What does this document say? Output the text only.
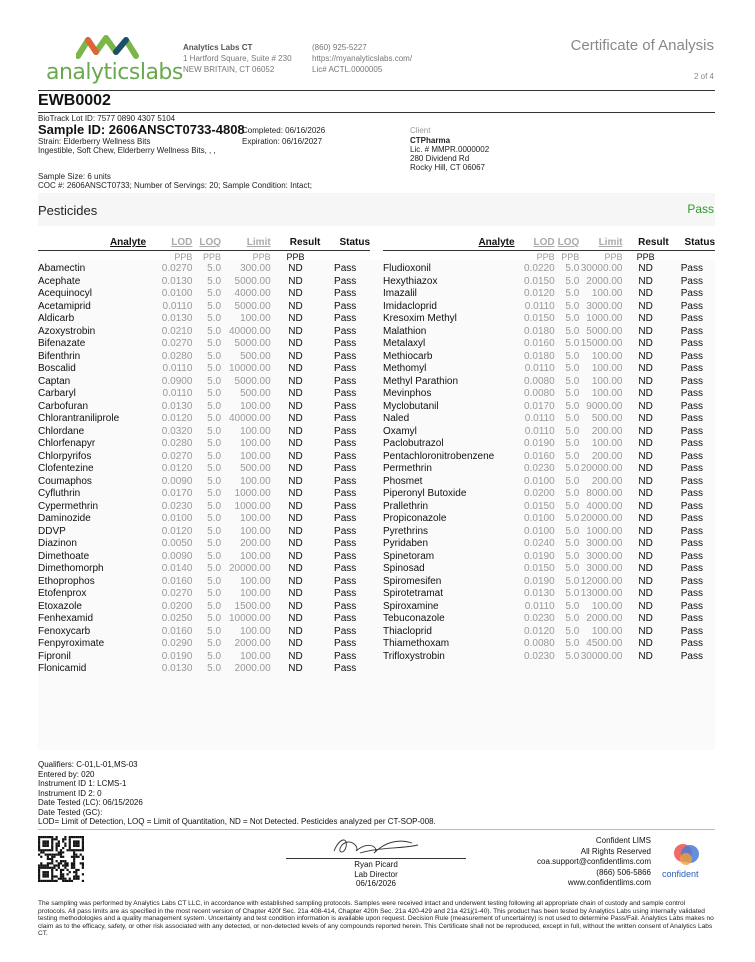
analyticslabs
Analytics Labs CT
1 Hartford Square, Suite # 230
NEW BRITAIN, CT 06052
(860) 925-5227
https://myanalyticslabs.com/
Lic# ACTL.0000005
Certificate of Analysis
2 of 4
EWB0002
BioTrack Lot ID: 7577 0890 4307 5104
Sample ID: 2606ANSCT0733-4808
Strain: Elderberry Wellness Bits
Ingestible, Soft Chew, Elderberry Wellness Bits, , ,
Completed: 06/16/2026
Expiration: 06/16/2027
Client
CTPharma
Lic. # MMPR.0000002
280 Dividend Rd
Rocky Hill, CT 06067
Sample Size: 6 units
COC #: 2606ANSCT0733; Number of Servings: 20; Sample Condition: Intact;
Pesticides	Pass
Analyte	LOD	LOQ	Limit	Result	Status
	PPB	PPB	PPB	PPB	
Abamectin	0.0270	5.0	300.00	ND	Pass
Acephate	0.0130	5.0	5000.00	ND	Pass
Acequinocyl	0.0100	5.0	4000.00	ND	Pass
Acetamiprid	0.0110	5.0	5000.00	ND	Pass
Aldicarb	0.0130	5.0	100.00	ND	Pass
Azoxystrobin	0.0210	5.0	40000.00	ND	Pass
Bifenazate	0.0270	5.0	5000.00	ND	Pass
Bifenthrin	0.0280	5.0	500.00	ND	Pass
Boscalid	0.0110	5.0	10000.00	ND	Pass
Captan	0.0900	5.0	5000.00	ND	Pass
Carbaryl	0.0110	5.0	500.00	ND	Pass
Carbofuran	0.0130	5.0	100.00	ND	Pass
Chlorantraniliprole	0.0120	5.0	40000.00	ND	Pass
Chlordane	0.0320	5.0	100.00	ND	Pass
Chlorfenapyr	0.0280	5.0	100.00	ND	Pass
Chlorpyrifos	0.0270	5.0	100.00	ND	Pass
Clofentezine	0.0120	5.0	500.00	ND	Pass
Coumaphos	0.0090	5.0	100.00	ND	Pass
Cyfluthrin	0.0170	5.0	1000.00	ND	Pass
Cypermethrin	0.0230	5.0	1000.00	ND	Pass
Daminozide	0.0100	5.0	100.00	ND	Pass
DDVP	0.0120	5.0	100.00	ND	Pass
Diazinon	0.0050	5.0	200.00	ND	Pass
Dimethoate	0.0090	5.0	100.00	ND	Pass
Dimethomorph	0.0140	5.0	20000.00	ND	Pass
Ethoprophos	0.0160	5.0	100.00	ND	Pass
Etofenprox	0.0270	5.0	100.00	ND	Pass
Etoxazole	0.0200	5.0	1500.00	ND	Pass
Fenhexamid	0.0250	5.0	10000.00	ND	Pass
Fenoxycarb	0.0160	5.0	100.00	ND	Pass
Fenpyroximate	0.0290	5.0	2000.00	ND	Pass
Fipronil	0.0190	5.0	100.00	ND	Pass
Flonicamid	0.0130	5.0	2000.00	ND	Pass
Analyte	LOD	LOQ	Limit	Result	Status
	PPB	PPB	PPB	PPB	
Fludioxonil	0.0220	5.0	30000.00	ND	Pass
Hexythiazox	0.0150	5.0	2000.00	ND	Pass
Imazalil	0.0120	5.0	100.00	ND	Pass
Imidacloprid	0.0110	5.0	3000.00	ND	Pass
Kresoxim Methyl	0.0150	5.0	1000.00	ND	Pass
Malathion	0.0180	5.0	5000.00	ND	Pass
Metalaxyl	0.0160	5.0	15000.00	ND	Pass
Methiocarb	0.0180	5.0	100.00	ND	Pass
Methomyl	0.0110	5.0	100.00	ND	Pass
Methyl Parathion	0.0080	5.0	100.00	ND	Pass
Mevinphos	0.0080	5.0	100.00	ND	Pass
Myclobutanil	0.0170	5.0	9000.00	ND	Pass
Naled	0.0110	5.0	500.00	ND	Pass
Oxamyl	0.0110	5.0	200.00	ND	Pass
Paclobutrazol	0.0190	5.0	100.00	ND	Pass
Pentachloronitrobenzene	0.0160	5.0	200.00	ND	Pass
Permethrin	0.0230	5.0	20000.00	ND	Pass
Phosmet	0.0100	5.0	200.00	ND	Pass
Piperonyl Butoxide	0.0200	5.0	8000.00	ND	Pass
Prallethrin	0.0150	5.0	4000.00	ND	Pass
Propiconazole	0.0100	5.0	20000.00	ND	Pass
Pyrethrins	0.0100	5.0	1000.00	ND	Pass
Pyridaben	0.0240	5.0	3000.00	ND	Pass
Spinetoram	0.0190	5.0	3000.00	ND	Pass
Spinosad	0.0150	5.0	3000.00	ND	Pass
Spiromesifen	0.0190	5.0	12000.00	ND	Pass
Spirotetramat	0.0130	5.0	13000.00	ND	Pass
Spiroxamine	0.0110	5.0	100.00	ND	Pass
Tebuconazole	0.0230	5.0	2000.00	ND	Pass
Thiacloprid	0.0120	5.0	100.00	ND	Pass
Thiamethoxam	0.0080	5.0	4500.00	ND	Pass
Trifloxystrobin	0.0230	5.0	30000.00	ND	Pass
Qualifiers: C-01,L-01,MS-03
Entered by: 020
Instrument ID 1: LCMS-1
Instrument ID 2: 0
Date Tested (LC): 06/15/2026
Date Tested (GC):
LOD= Limit of Detection, LOQ = Limit of Quantitation, ND = Not Detected. Pesticides analyzed per CT-SOP-008.
Ryan Picard
Lab Director
06/16/2026
Confident LIMS
All Rights Reserved
coa.support@confidentlims.com
(866) 506-5866
www.confidentlims.com
confident
The sampling was performed by Analytics Labs CT LLC, in accordance with established sampling protocols. Samples were received intact and underwent testing following all appropriate chain of custody and sample control protocols. All pass limits are as specified in the most recent version of Chapter 420f Sec. 21a 408-414, Chapter 420h Sec. 21a 420-429 and 21a 421j(1-40). This product has been tested by Analytics Labs using internally validated testing methodologies and a quality management system. Uncertainty and test condition information is available upon request. Decision Rule (measurement of uncertainty) is not used to determine Pass/Fail. Analytics Labs makes no claim as to the efficacy, safety, or other risk associated with any detected, or non-detected levels of any compounds reported herein. This Certificate shall not be reproduced, except in full, without the written consent of Analytics Labs CT.
